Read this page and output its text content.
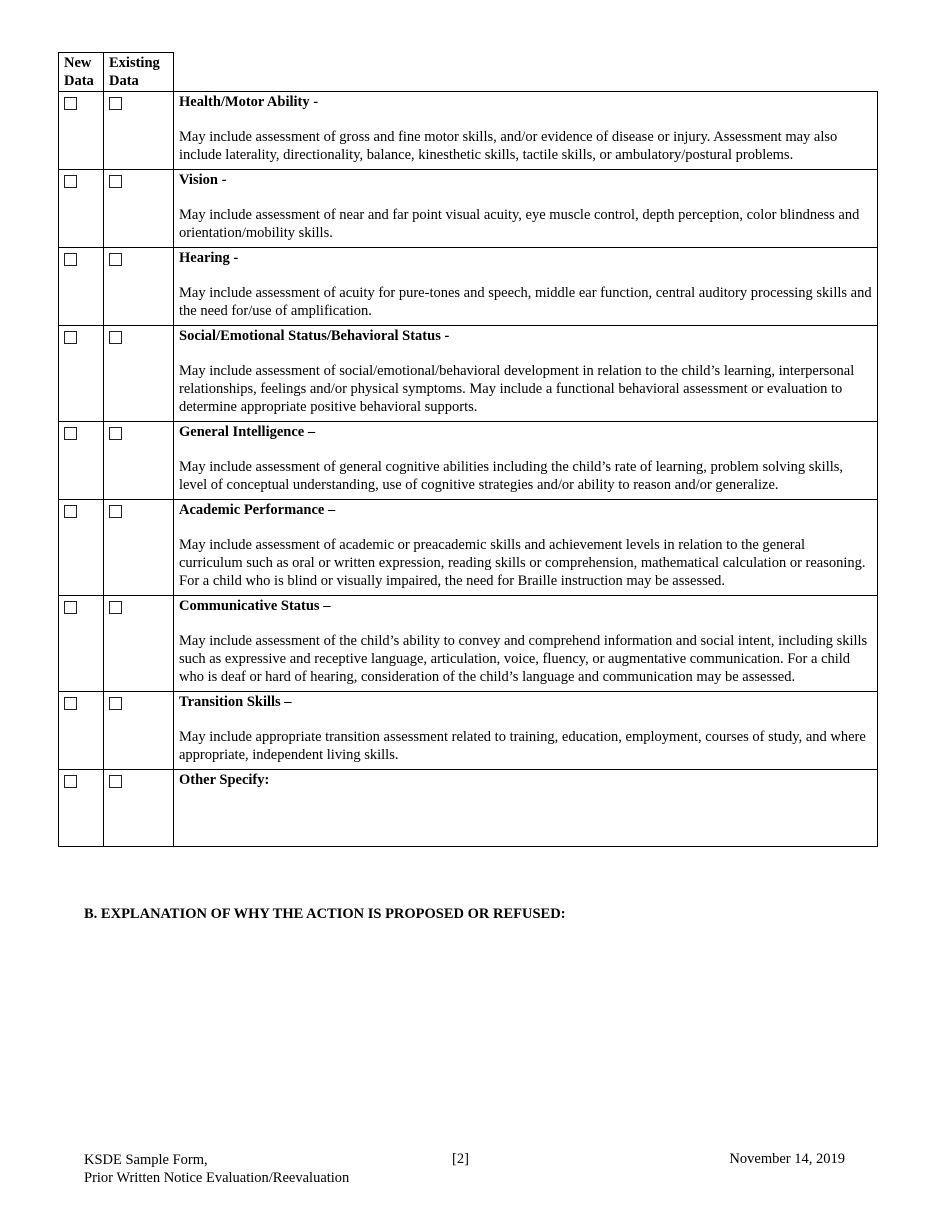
New Data	Existing Data	

		Health/Motor Ability -
May include assessment of gross and fine motor skills, and/or evidence of disease or injury. Assessment may also include laterality, directionality, balance, kinesthetic skills, tactile skills, or ambulatory/postural problems.

		Vision -
May include assessment of near and far point visual acuity, eye muscle control, depth perception, color blindness and orientation/mobility skills.

		Hearing -
May include assessment of acuity for pure-tones and speech, middle ear function, central auditory processing skills and the need for/use of amplification.

		Social/Emotional Status/Behavioral Status -
May include assessment of social/emotional/behavioral development in relation to the child’s learning, interpersonal relationships, feelings and/or physical symptoms. May include a functional behavioral assessment or evaluation to determine appropriate positive behavioral supports.

		General Intelligence –
May include assessment of general cognitive abilities including the child’s rate of learning, problem solving skills, level of conceptual understanding, use of cognitive strategies and/or ability to reason and/or generalize.

		Academic Performance –
May include assessment of academic or preacademic skills and achievement levels in relation to the general curriculum such as oral or written expression, reading skills or comprehension, mathematical calculation or reasoning. For a child who is blind or visually impaired, the need for Braille instruction may be assessed.

		Communicative Status –
May include assessment of the child’s ability to convey and comprehend information and social intent, including skills such as expressive and receptive language, articulation, voice, fluency, or augmentative communication. For a child who is deaf or hard of hearing, consideration of the child’s language and communication may be assessed.

		Transition Skills –
May include appropriate transition assessment related to training, education, employment, courses of study, and where appropriate, independent living skills.

		Other Specify:
B. EXPLANATION OF WHY THE ACTION IS PROPOSED OR REFUSED:
KSDE Sample Form,
Prior Written Notice Evaluation/Reevaluation
[2]	November 14, 2019
